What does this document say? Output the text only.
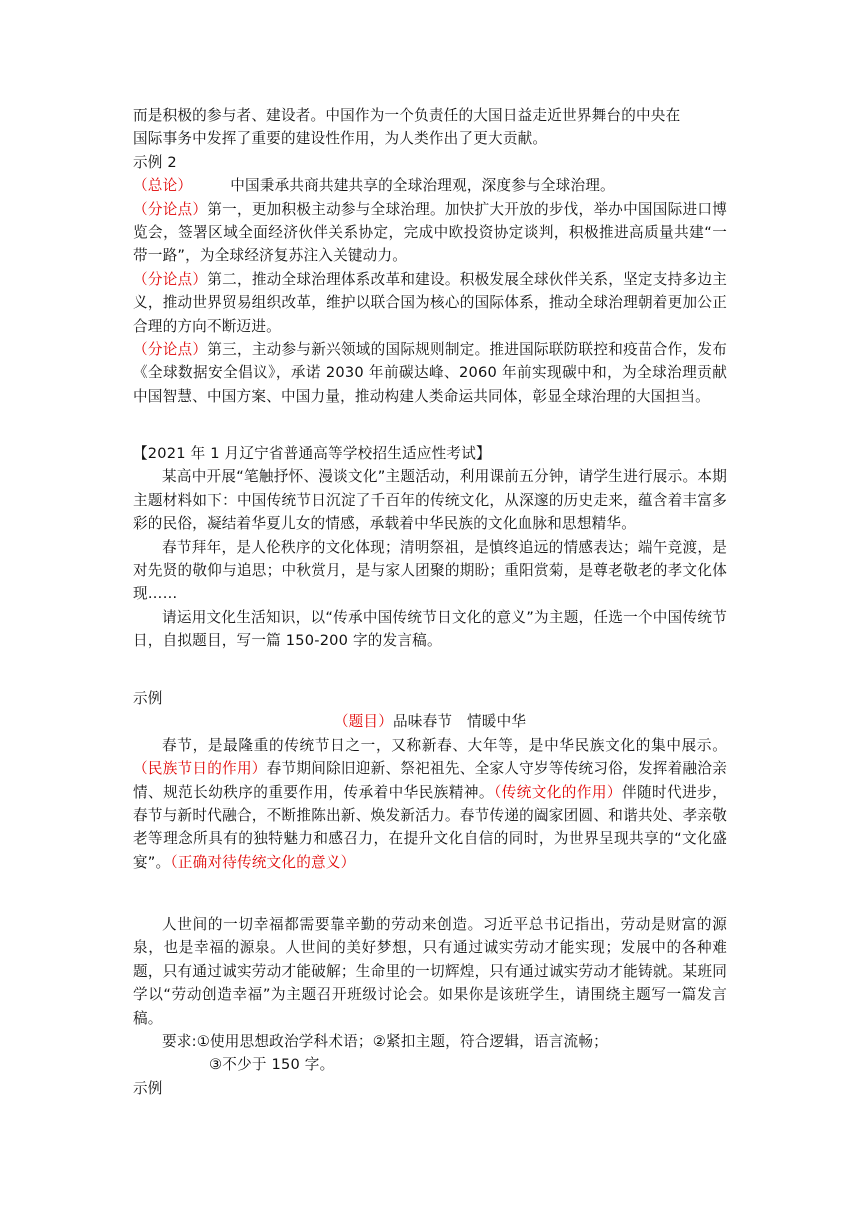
而是积极的参与者、建设者。中国作为一个负责任的大国日益走近世界舞台的中央在

国际事务中发挥了重要的建设性作用，为人类作出了更大贡献。

示例 2

（总论）	中国秉承共商共建共享的全球治理观，深度参与全球治理。

（分论点）第一，更加积极主动参与全球治理。加快扩大开放的步伐，举办中国国际进口博览会，签署区域全面经济伙伴关系协定，完成中欧投资协定谈判，积极推进高质量共建“一带一路”，为全球经济复苏注入关键动力。

（分论点）第二，推动全球治理体系改革和建设。积极发展全球伙伴关系，坚定支持多边主义，推动世界贸易组织改革，维护以联合国为核心的国际体系，推动全球治理朝着更加公正合理的方向不断迈进。

（分论点）第三，主动参与新兴领域的国际规则制定。推进国际联防联控和疫苗合作，发布《全球数据安全倡议》，承诺 2030 年前碳达峰、2060 年前实现碳中和，为全球治理贡献中国智慧、中国方案、中国力量，推动构建人类命运共同体，彰显全球治理的大国担当。

【2021 年 1 月辽宁省普通高等学校招生适应性考试】

某高中开展“笔触抒怀、漫谈文化”主题活动，利用课前五分钟，请学生进行展示。本期主题材料如下：中国传统节日沉淀了千百年的传统文化，从深邃的历史走来，蕴含着丰富多彩的民俗，凝结着华夏儿女的情感，承载着中华民族的文化血脉和思想精华。

春节拜年，是人伦秩序的文化体现；清明祭祖，是慎终追远的情感表达；端午竞渡，是对先贤的敬仰与追思；中秋赏月，是与家人团聚的期盼；重阳赏菊，是尊老敬老的孝文化体现……

请运用文化生活知识，以“传承中国传统节日文化的意义”为主题，任选一个中国传统节日，自拟题目，写一篇 150-200 字的发言稿。

示例

（题目）品味春节　情暖中华

春节，是最隆重的传统节日之一，又称新春、大年等，是中华民族文化的集中展示。（民族节日的作用）春节期间除旧迎新、祭祀祖先、全家人守岁等传统习俗，发挥着融洽亲情、规范长幼秩序的重要作用，传承着中华民族精神。（传统文化的作用）伴随时代进步，春节与新时代融合，不断推陈出新、焕发新活力。春节传递的阖家团圆、和谐共处、孝亲敬老等理念所具有的独特魅力和感召力，在提升文化自信的同时，为世界呈现共享的“文化盛宴”。（正确对待传统文化的意义）

人世间的一切幸福都需要靠辛勤的劳动来创造。习近平总书记指出，劳动是财富的源泉，也是幸福的源泉。人世间的美好梦想，只有通过诚实劳动才能实现；发展中的各种难题，只有通过诚实劳动才能破解；生命里的一切辉煌，只有通过诚实劳动才能铸就。某班同学以“劳动创造幸福”为主题召开班级讨论会。如果你是该班学生，请围绕主题写一篇发言稿。

要求:①使用思想政治学科术语；②紧扣主题，符合逻辑，语言流畅；

③不少于 150 字。

示例
